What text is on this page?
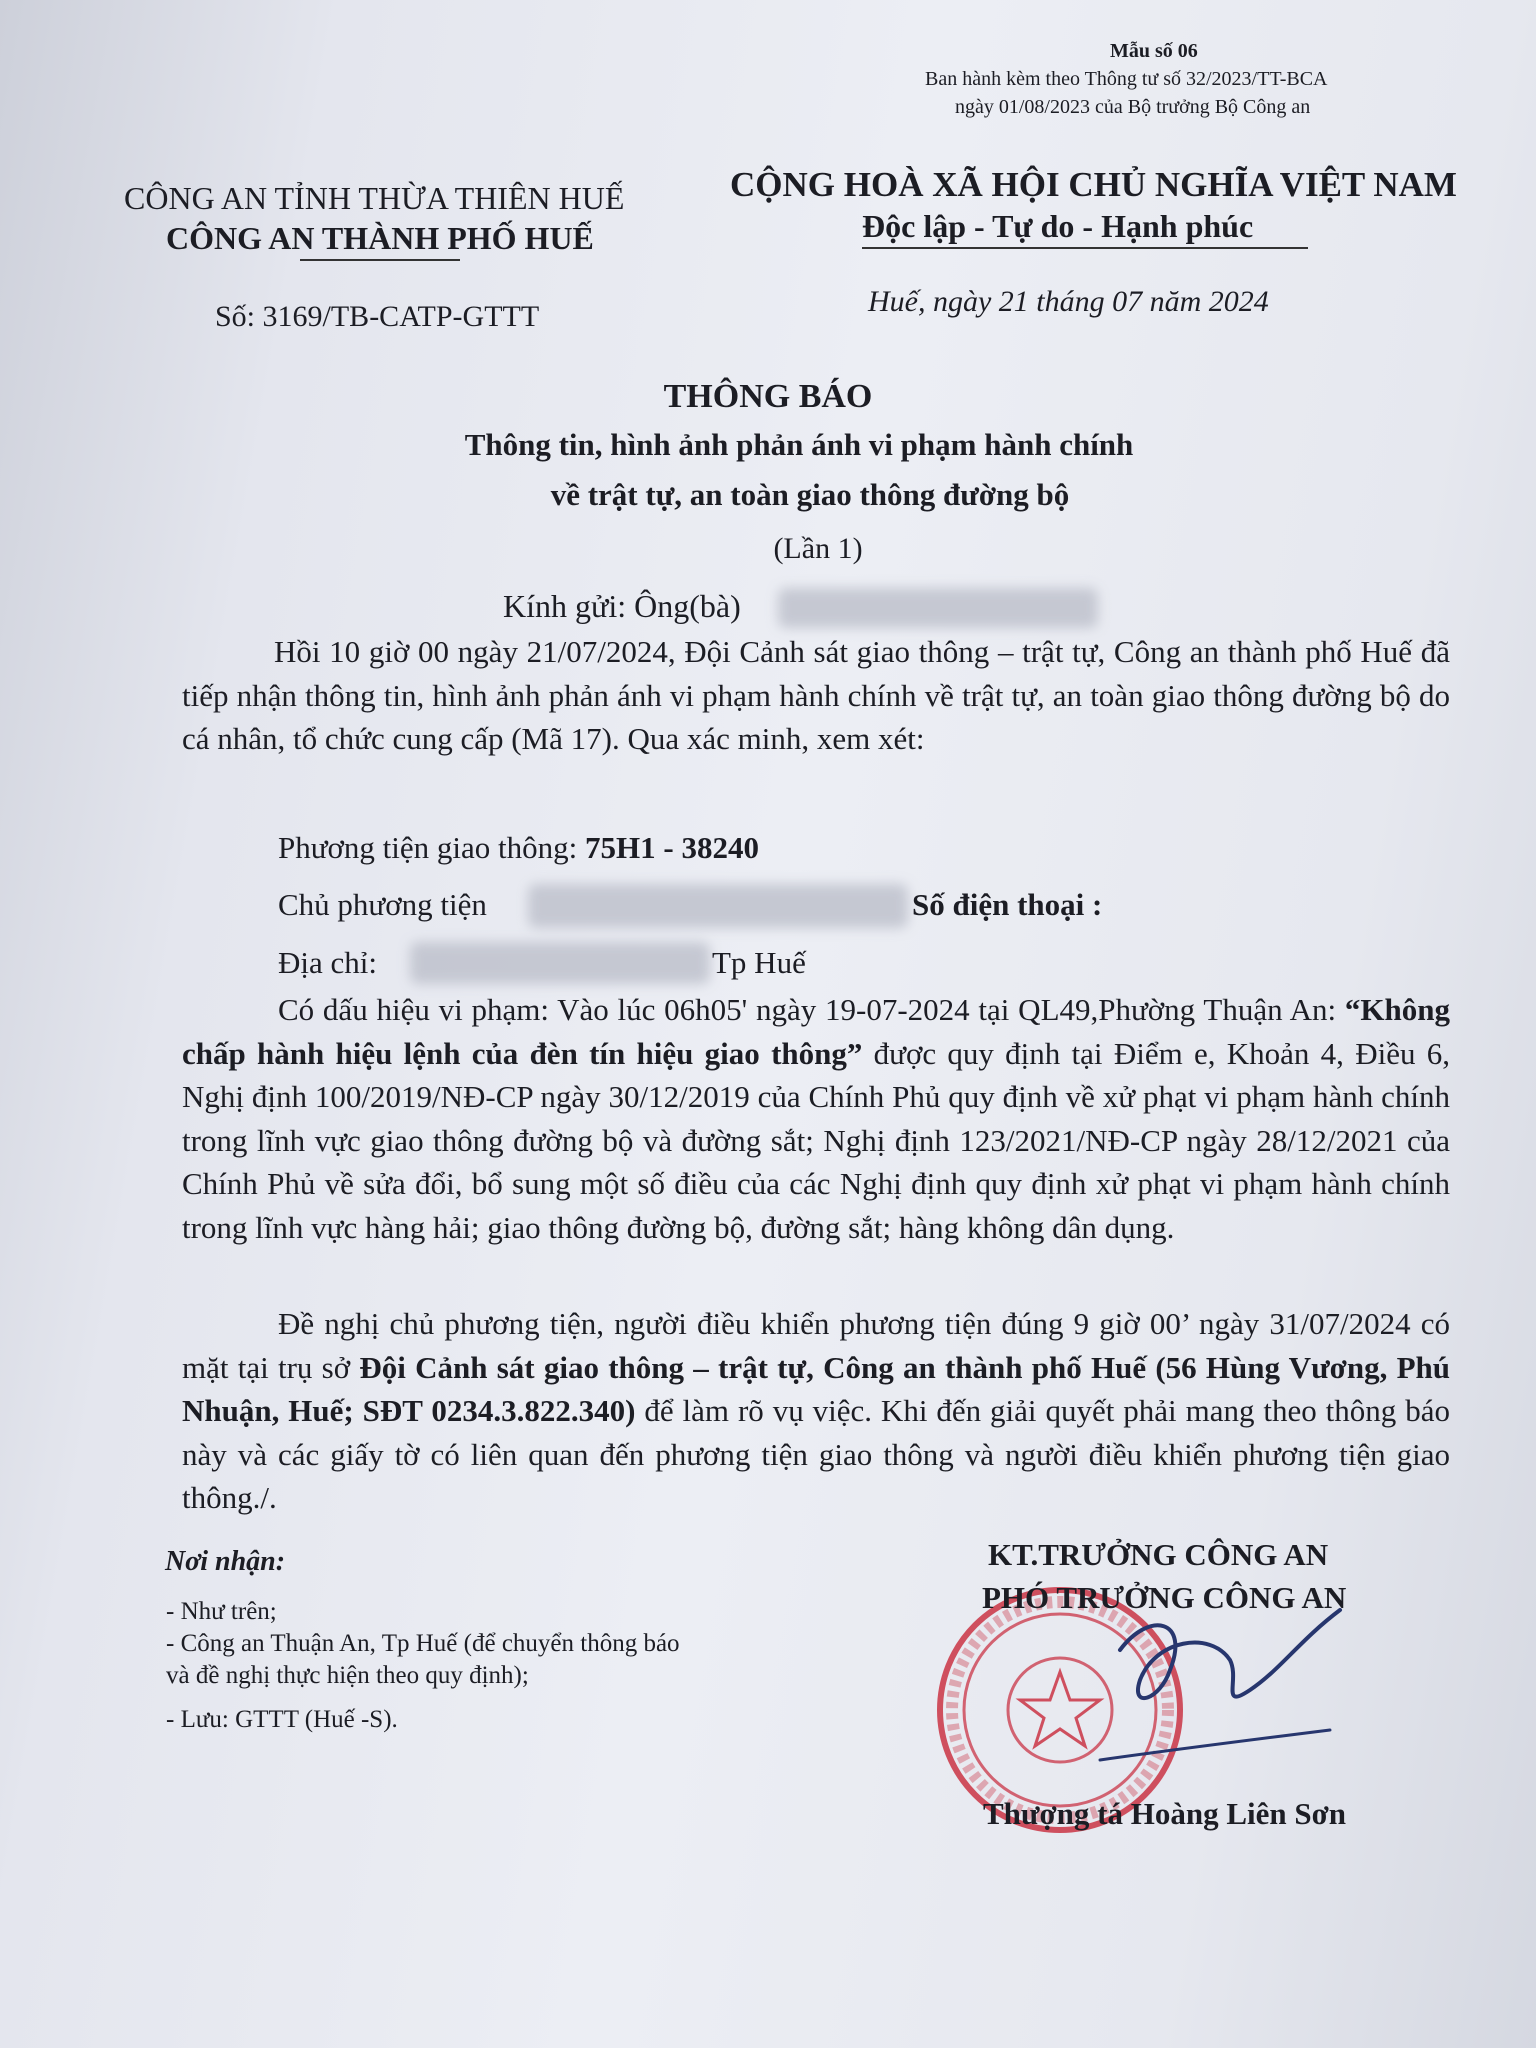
Mẫu số 06
Ban hành kèm theo Thông tư số 32/2023/TT-BCA
ngày 01/08/2023 của Bộ trưởng Bộ Công an
CÔNG AN TỈNH THỪA THIÊN HUẾ
CÔNG AN THÀNH PHỐ HUẾ
CỘNG HOÀ XÃ HỘI CHỦ NGHĨA VIỆT NAM
Độc lập - Tự do - Hạnh phúc
Số: 3169/TB-CATP-GTTT	Huế, ngày 21 tháng 07 năm 2024
THÔNG BÁO
Thông tin, hình ảnh phản ánh vi phạm hành chính
về trật tự, an toàn giao thông đường bộ
(Lần 1)
Kính gửi: Ông(bà)
Hồi 10 giờ 00 ngày 21/07/2024, Đội Cảnh sát giao thông – trật tự, Công an thành phố Huế đã tiếp nhận thông tin, hình ảnh phản ánh vi phạm hành chính về trật tự, an toàn giao thông đường bộ do cá nhân, tổ chức cung cấp (Mã 17). Qua xác minh, xem xét:
Phương tiện giao thông: 75H1 - 38240
Chủ phương tiện	Số điện thoại :
Địa chỉ:	Tp Huế
Có dấu hiệu vi phạm: Vào lúc 06h05' ngày 19-07-2024 tại QL49,Phường Thuận An: “Không chấp hành hiệu lệnh của đèn tín hiệu giao thông” được quy định tại Điểm e, Khoản 4, Điều 6, Nghị định 100/2019/NĐ-CP ngày 30/12/2019 của Chính Phủ quy định về xử phạt vi phạm hành chính trong lĩnh vực giao thông đường bộ và đường sắt; Nghị định 123/2021/NĐ-CP ngày 28/12/2021 của Chính Phủ về sửa đổi, bổ sung một số điều của các Nghị định quy định xử phạt vi phạm hành chính trong lĩnh vực hàng hải; giao thông đường bộ, đường sắt; hàng không dân dụng.
Đề nghị chủ phương tiện, người điều khiển phương tiện đúng 9 giờ 00’ ngày 31/07/2024 có mặt tại trụ sở Đội Cảnh sát giao thông – trật tự, Công an thành phố Huế (56 Hùng Vương, Phú Nhuận, Huế; SĐT 0234.3.822.340) để làm rõ vụ việc. Khi đến giải quyết phải mang theo thông báo này và các giấy tờ có liên quan đến phương tiện giao thông và người điều khiển phương tiện giao thông./.
Nơi nhận:
- Như trên;
- Công an Thuận An, Tp Huế (để chuyển thông báo
và đề nghị thực hiện theo quy định);
- Lưu: GTTT (Huế -S).
KT.TRƯỞNG CÔNG AN
PHÓ TRƯỞNG CÔNG AN
Thượng tá Hoàng Liên Sơn
